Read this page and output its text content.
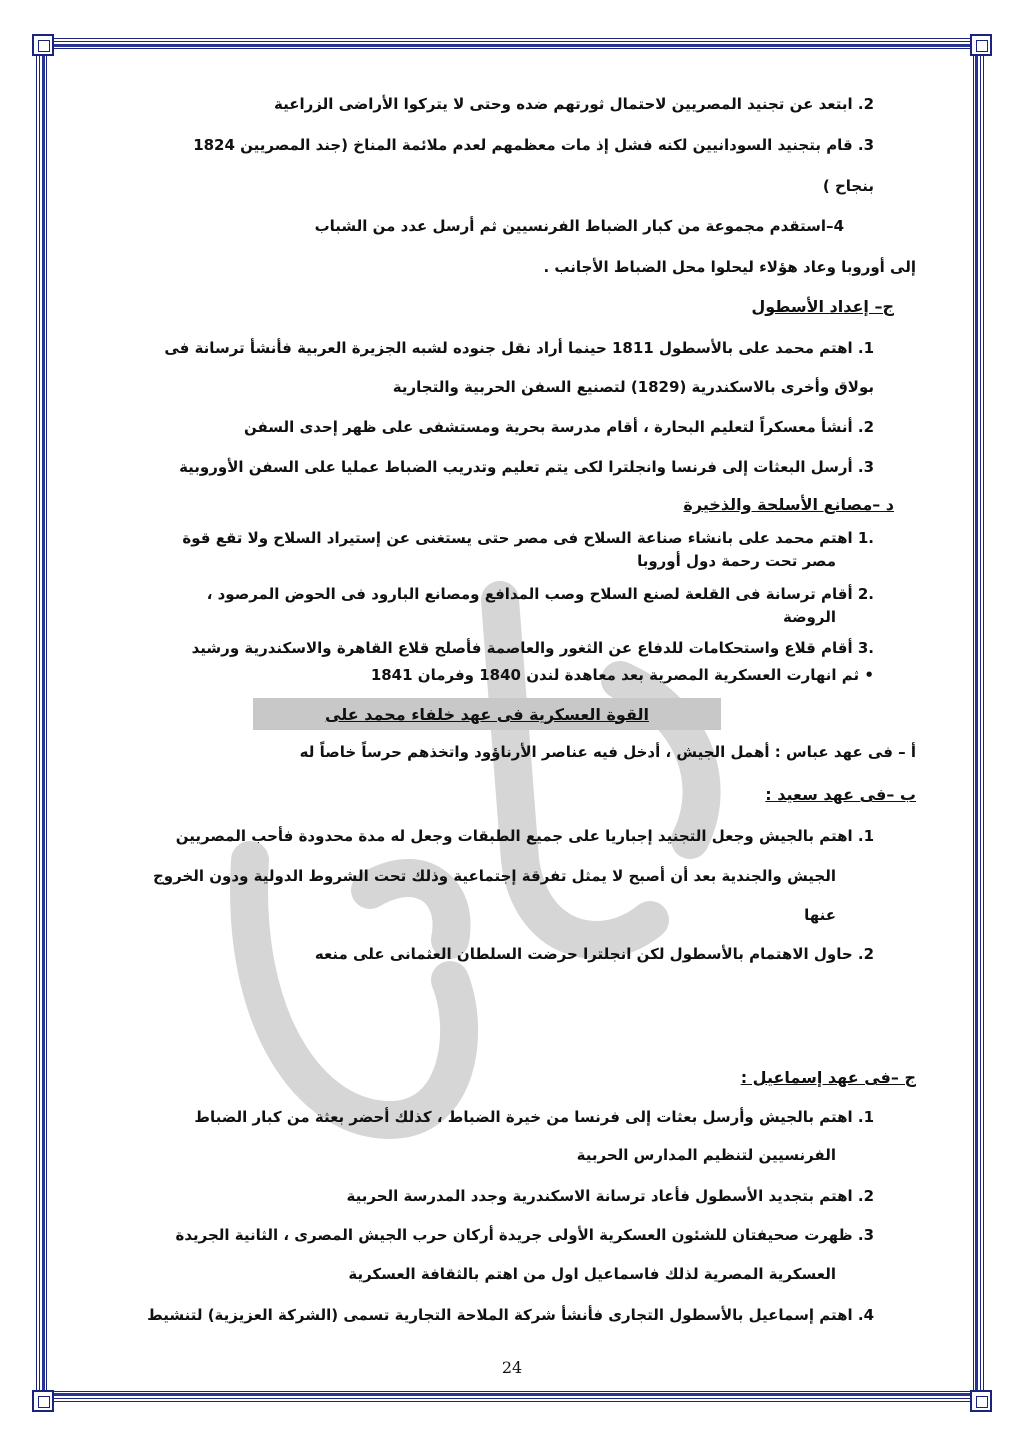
2. ابتعد عن تجنيد المصريين لاحتمال ثورتهم ضده وحتى لا يتركوا الأراضى الزراعية
3. قام بتجنيد السودانيين لكنه فشل إذ مات معظمهم لعدم ملائمة المناخ (جند المصريين 1824
بنجاح )
4–استقدم مجموعة من كبار الضباط الفرنسيين ثم أرسل عدد من الشباب
إلى أوروبا وعاد هؤلاء ليحلوا محل الضباط الأجانب .
ج– إعداد الأسطول
1. اهتم محمد على بالأسطول 1811 حينما أراد نقل جنوده لشبه الجزيرة العربية فأنشأ ترسانة فى
بولاق وأخرى بالاسكندرية (1829) لتصنيع السفن الحربية والتجارية
2. أنشأ معسكراً لتعليم البحارة ، أقام مدرسة بحرية ومستشفى على ظهر إحدى السفن
3. أرسل البعثات إلى فرنسا وانجلترا لكى يتم تعليم وتدريب الضباط عمليا على السفن الأوروبية
د –مصانع الأسلحة والذخيرة
.1 اهتم محمد على بانشاء صناعة السلاح فى مصر حتى يستغنى عن إستيراد السلاح ولا تقع قوة
مصر تحت رحمة دول أوروبا
.2 أقام ترسانة فى القلعة لصنع السلاح وصب المدافع ومصانع البارود فى الحوض المرصود ،
الروضة
.3 أقام قلاع واستحكامات للدفاع عن الثغور والعاصمة فأصلح قلاع القاهرة والاسكندرية ورشيد
• ثم انهارت العسكرية المصرية بعد معاهدة لندن 1840 وفرمان 1841
القوة العسكرية فى عهد خلفاء محمد على
أ – فى عهد عباس : أهمل الجيش ، أدخل فيه عناصر الأرناؤود واتخذهم حرساً خاصاً له
ب –فى عهد سعيد :
1. اهتم بالجيش وجعل التجنيد إجباريا على جميع الطبقات وجعل له مدة محدودة فأحب المصريين
الجيش والجندية بعد أن أصبح لا يمثل تفرقة إجتماعية وذلك تحت الشروط الدولية ودون الخروج
عنها
2. حاول الاهتمام بالأسطول لكن انجلترا حرضت السلطان العثمانى على منعه
ج –فى عهد إسماعيل :
1. اهتم بالجيش وأرسل بعثات إلى فرنسا من خيرة الضباط ، كذلك أحضر بعثة من كبار الضباط
الفرنسيين لتنظيم المدارس الحربية
2. اهتم بتجديد الأسطول فأعاد ترسانة الاسكندرية وجدد المدرسة الحربية
3. ظهرت صحيفتان للشئون العسكرية الأولى جريدة أركان حرب الجيش المصرى ، الثانية الجريدة
العسكرية المصرية لذلك فاسماعيل اول من اهتم بالثقافة العسكرية
4. اهتم إسماعيل بالأسطول التجارى فأنشأ شركة الملاحة التجارية تسمى (الشركة العزيزية) لتنشيط
24
